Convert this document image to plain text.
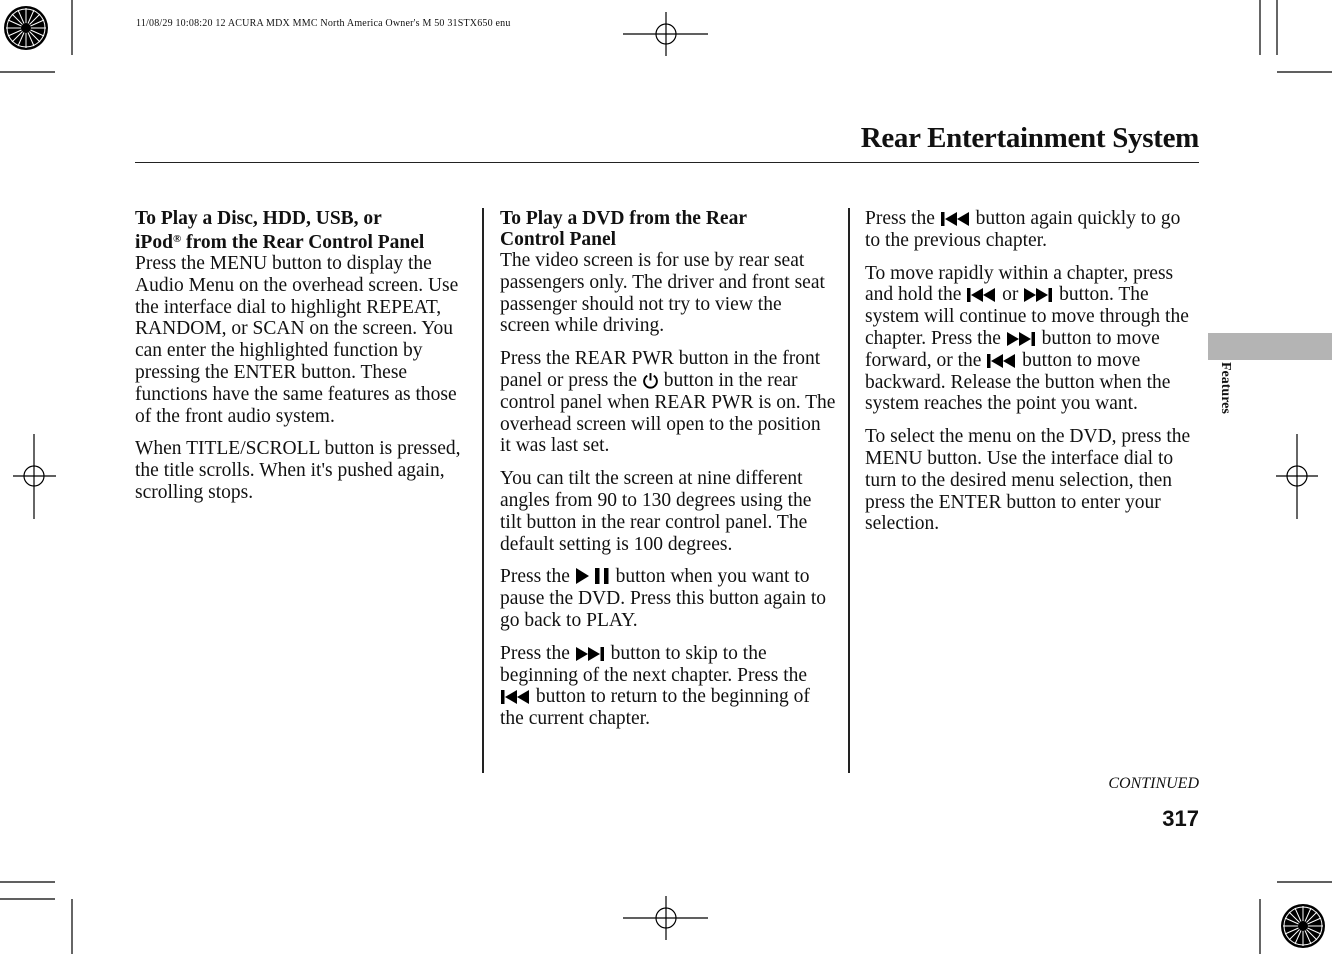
11/08/29 10:08:20 12 ACURA MDX MMC North America Owner's M 50 31STX650 enu
Rear Entertainment System
To Play a Disc, HDD, USB, or
iPod® from the Rear Control Panel

Press the MENU button to display the Audio Menu on the overhead screen. Use the interface dial to highlight REPEAT, RANDOM, or SCAN on the screen. You can enter the highlighted function by pressing the ENTER button. These functions have the same features as those of the front audio system.

When TITLE/SCROLL button is pressed, the title scrolls. When it's pushed again, scrolling stops.

To Play a DVD from the Rear
Control Panel

The video screen is for use by rear seat passengers only. The driver and front seat passenger should not try to view the screen while driving.

Press the REAR PWR button in the front panel or press the  button in the rear control panel when REAR PWR is on. The overhead screen will open to the position it was last set.

You can tilt the screen at nine different angles from 90 to 130 degrees using the tilt button in the rear control panel. The default setting is 100 degrees.

Press the  button when you want to pause the DVD. Press this button again to go back to PLAY.

Press the  button to skip to the beginning of the next chapter. Press the  button to return to the beginning of the current chapter.

Press the  button again quickly to go to the previous chapter.

To move rapidly within a chapter, press and hold the  or  button. The system will continue to move through the chapter. Press the  button to move forward, or the  button to move backward. Release the button when the system reaches the point you want.

To select the menu on the DVD, press the MENU button. Use the interface dial to turn to the desired menu selection, then press the ENTER button to enter your selection.

Features
CONTINUED
317
